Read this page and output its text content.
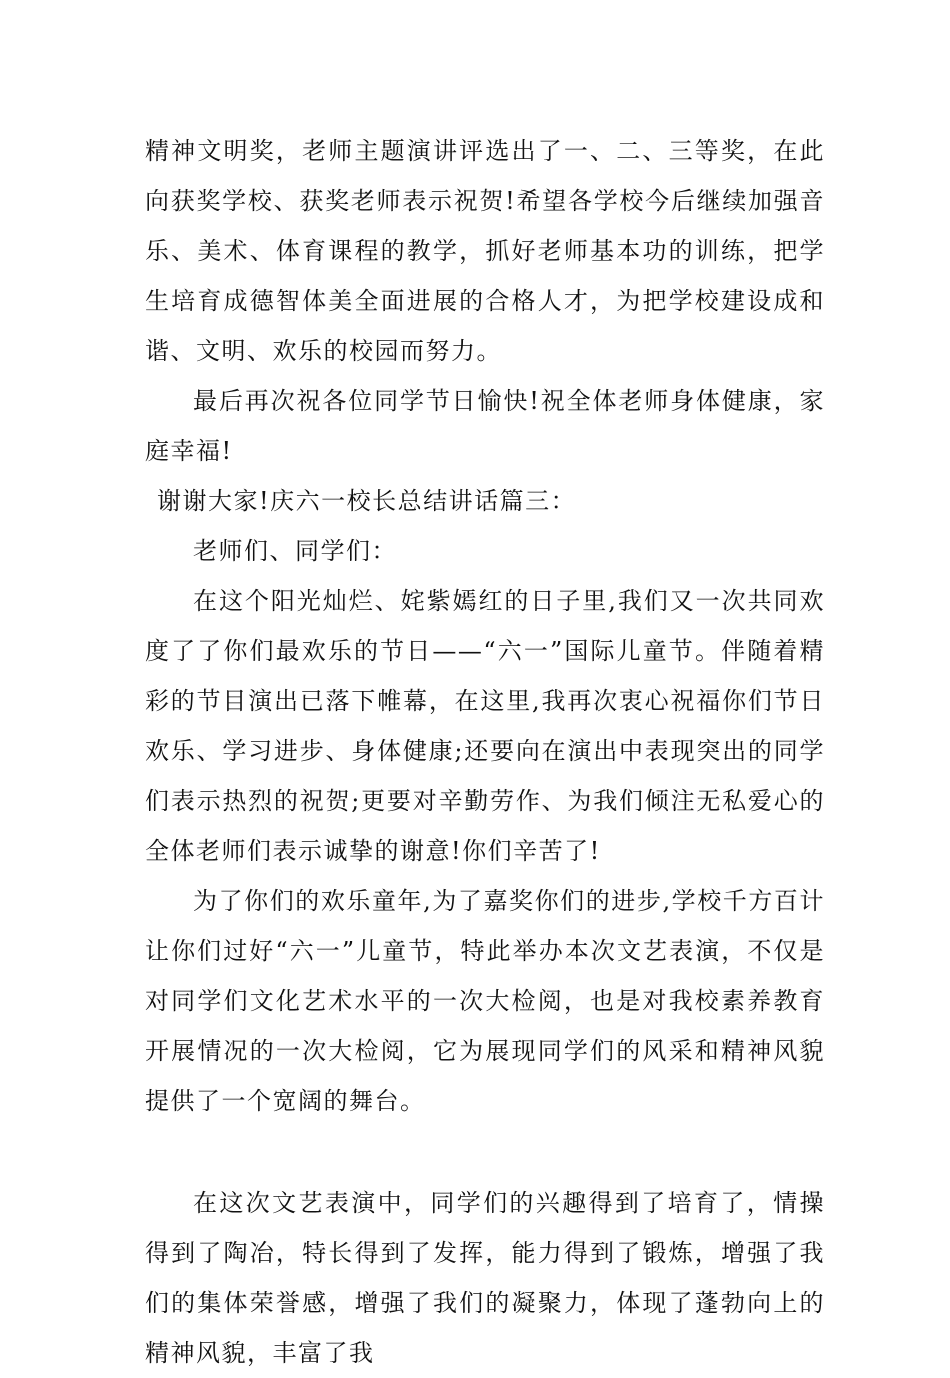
精神文明奖，老师主题演讲评选出了一、二、三等奖，在此向获奖学校、获奖老师表示祝贺!希望各学校今后继续加强音乐、美术、体育课程的教学，抓好老师基本功的训练，把学生培育成德智体美全面进展的合格人才，为把学校建设成和谐、文明、欢乐的校园而努力。

最后再次祝各位同学节日愉快!祝全体老师身体健康，家庭幸福!

谢谢大家!庆六一校长总结讲话篇三：

老师们、同学们：

在这个阳光灿烂、姹紫嫣红的日子里,我们又一次共同欢度了了你们最欢乐的节日——“六一”国际儿童节。伴随着精彩的节目演出已落下帷幕，在这里,我再次衷心祝福你们节日欢乐、学习进步、身体健康;还要向在演出中表现突出的同学们表示热烈的祝贺;更要对辛勤劳作、为我们倾注无私爱心的全体老师们表示诚挚的谢意!你们辛苦了!

为了你们的欢乐童年,为了嘉奖你们的进步,学校千方百计让你们过好“六一”儿童节，特此举办本次文艺表演，不仅是对同学们文化艺术水平的一次大检阅，也是对我校素养教育开展情况的一次大检阅，它为展现同学们的风采和精神风貌提供了一个宽阔的舞台。

在这次文艺表演中，同学们的兴趣得到了培育了，情操得到了陶冶，特长得到了发挥，能力得到了锻炼，增强了我们的集体荣誉感，增强了我们的凝聚力，体现了蓬勃向上的精神风貌，丰富了我
